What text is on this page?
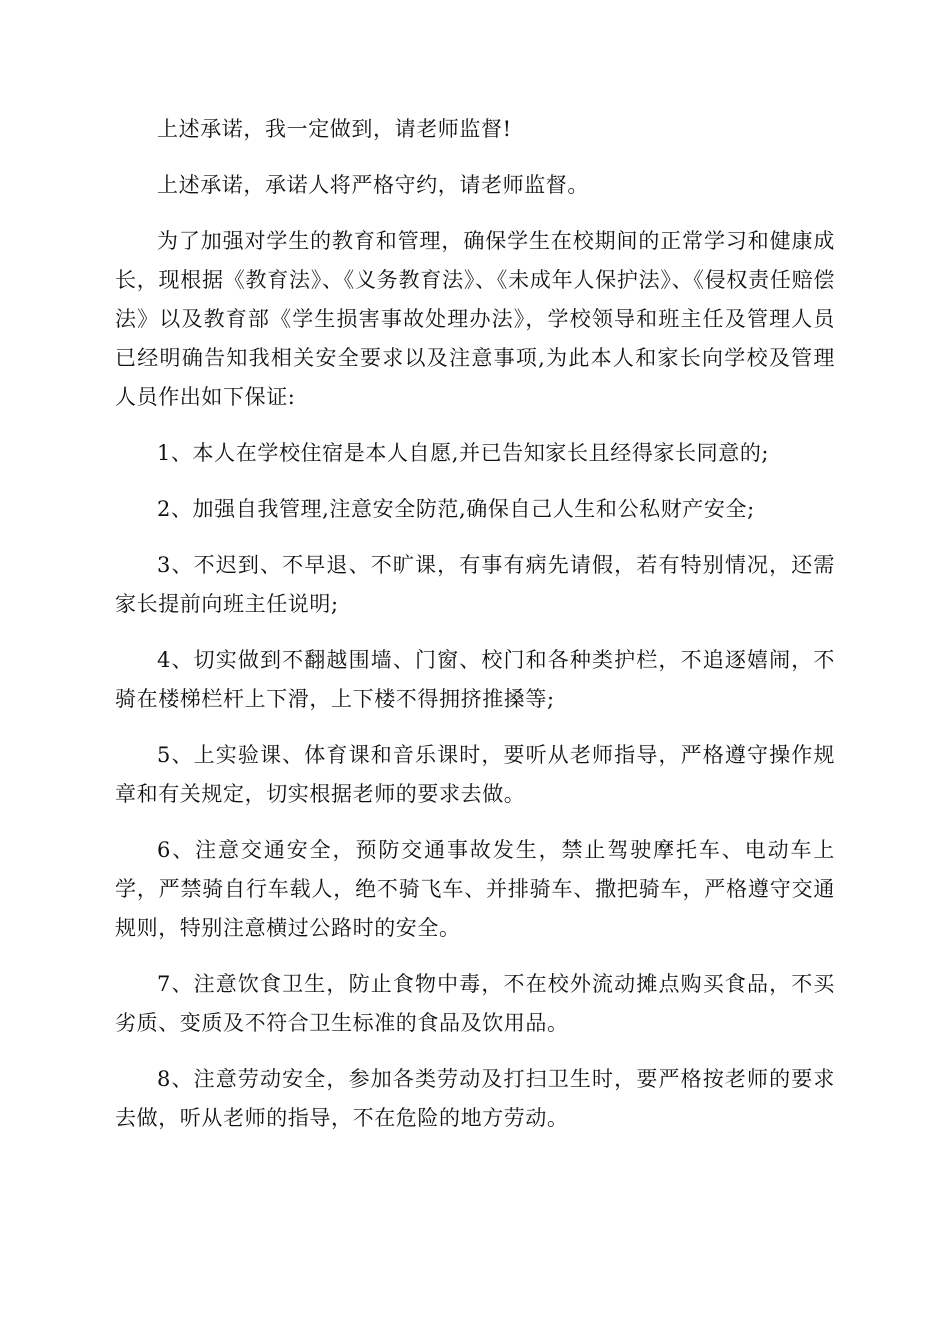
上述承诺，我一定做到，请老师监督!

上述承诺，承诺人将严格守约，请老师监督。

为了加强对学生的教育和管理，确保学生在校期间的正常学习和健康成长，现根据《教育法》、《义务教育法》、《未成年人保护法》、《侵权责任赔偿法》以及教育部《学生损害事故处理办法》，学校领导和班主任及管理人员已经明确告知我相关安全要求以及注意事项,为此本人和家长向学校及管理人员作出如下保证:

1、本人在学校住宿是本人自愿,并已告知家长且经得家长同意的;

2、加强自我管理,注意安全防范,确保自己人生和公私财产安全;

3、不迟到、不早退、不旷课，有事有病先请假，若有特别情况，还需家长提前向班主任说明;

4、切实做到不翻越围墙、门窗、校门和各种类护栏，不追逐嬉闹，不骑在楼梯栏杆上下滑，上下楼不得拥挤推搡等;

5、上实验课、体育课和音乐课时，要听从老师指导，严格遵守操作规章和有关规定，切实根据老师的要求去做。

6、注意交通安全，预防交通事故发生，禁止驾驶摩托车、电动车上学，严禁骑自行车载人，绝不骑飞车、并排骑车、撒把骑车，严格遵守交通规则，特别注意横过公路时的安全。

7、注意饮食卫生，防止食物中毒，不在校外流动摊点购买食品，不买劣质、变质及不符合卫生标准的食品及饮用品。

8、注意劳动安全，参加各类劳动及打扫卫生时，要严格按老师的要求去做，听从老师的指导，不在危险的地方劳动。
